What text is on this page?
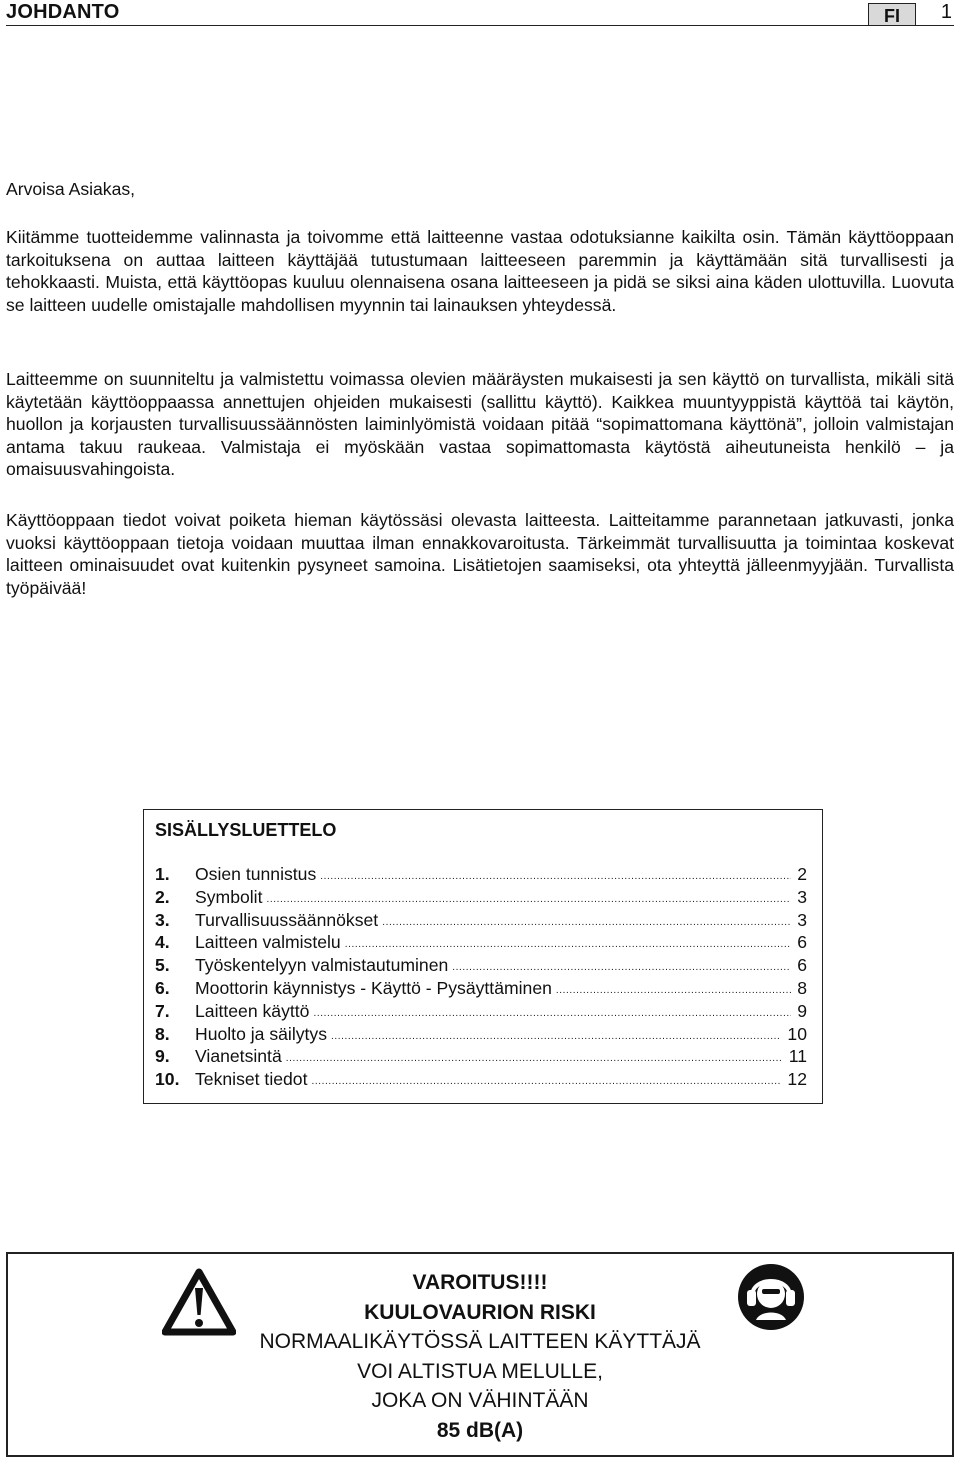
JOHDANTO	FI	1

Arvoisa Asiakas,

Kiitämme tuotteidemme valinnasta ja toivomme että laitteenne vastaa odotuksianne kaikilta osin. Tämän käyttöoppaan tarkoituksena on auttaa laitteen käyttäjää tutustumaan laitteeseen paremmin ja käyttämään sitä turvallisesti ja tehokkaasti. Muista, että käyttöopas kuuluu olennaisena osana laitteeseen ja pidä se siksi aina käden ulottuvilla. Luovuta se laitteen uudelle omistajalle mahdollisen myynnin tai lainauksen yhteydessä.

Laitteemme on suunniteltu ja valmistettu voimassa olevien määräysten mukaisesti ja sen käyttö on turvallista, mikäli sitä käytetään käyttöoppaassa annettujen ohjeiden mukaisesti (sallittu käyttö). Kaikkea muuntyyppistä käyttöä tai käytön, huollon ja korjausten turvallisuussäännösten laiminlyömistä voidaan pitää “sopimattomana käyttönä”, jolloin valmistajan antama takuu raukeaa. Valmistaja ei myöskään vastaa sopimattomasta käytöstä aiheutuneista henkilö – ja omaisuusvahingoista.

Käyttöoppaan tiedot voivat poiketa hieman käytössäsi olevasta laitteesta. Laitteitamme parannetaan jatkuvasti, jonka vuoksi käyttöoppaan tietoja voidaan muuttaa ilman ennakkovaroitusta. Tärkeimmät turvallisuutta ja toimintaa koskevat laitteen ominaisuudet ovat kuitenkin pysyneet samoina. Lisätietojen saamiseksi, ota yhteyttä jälleenmyyjään. Turvallista työpäivää!

SISÄLLYSLUETTELO
1.	Osien tunnistus .....	2
2.	Symbolit .....	3
3.	Turvallisuussäännökset .....	3
4.	Laitteen valmistelu .....	6
5.	Työskentelyyn valmistautuminen .....	6
6.	Moottorin käynnistys - Käyttö - Pysäyttäminen .....	8
7.	Laitteen käyttö .....	9
8.	Huolto ja säilytys .....	10
9.	Vianetsintä .....	11
10. Tekniset tiedot .....	12
VAROITUS!!!!
KUULOVAURION RISKI
NORMAALIKÄYTÖSSÄ LAITTEEN KÄYTTÄJÄ
VOI ALTISTUA MELULLE,
JOKA ON VÄHINTÄÄN
85 dB(A)
